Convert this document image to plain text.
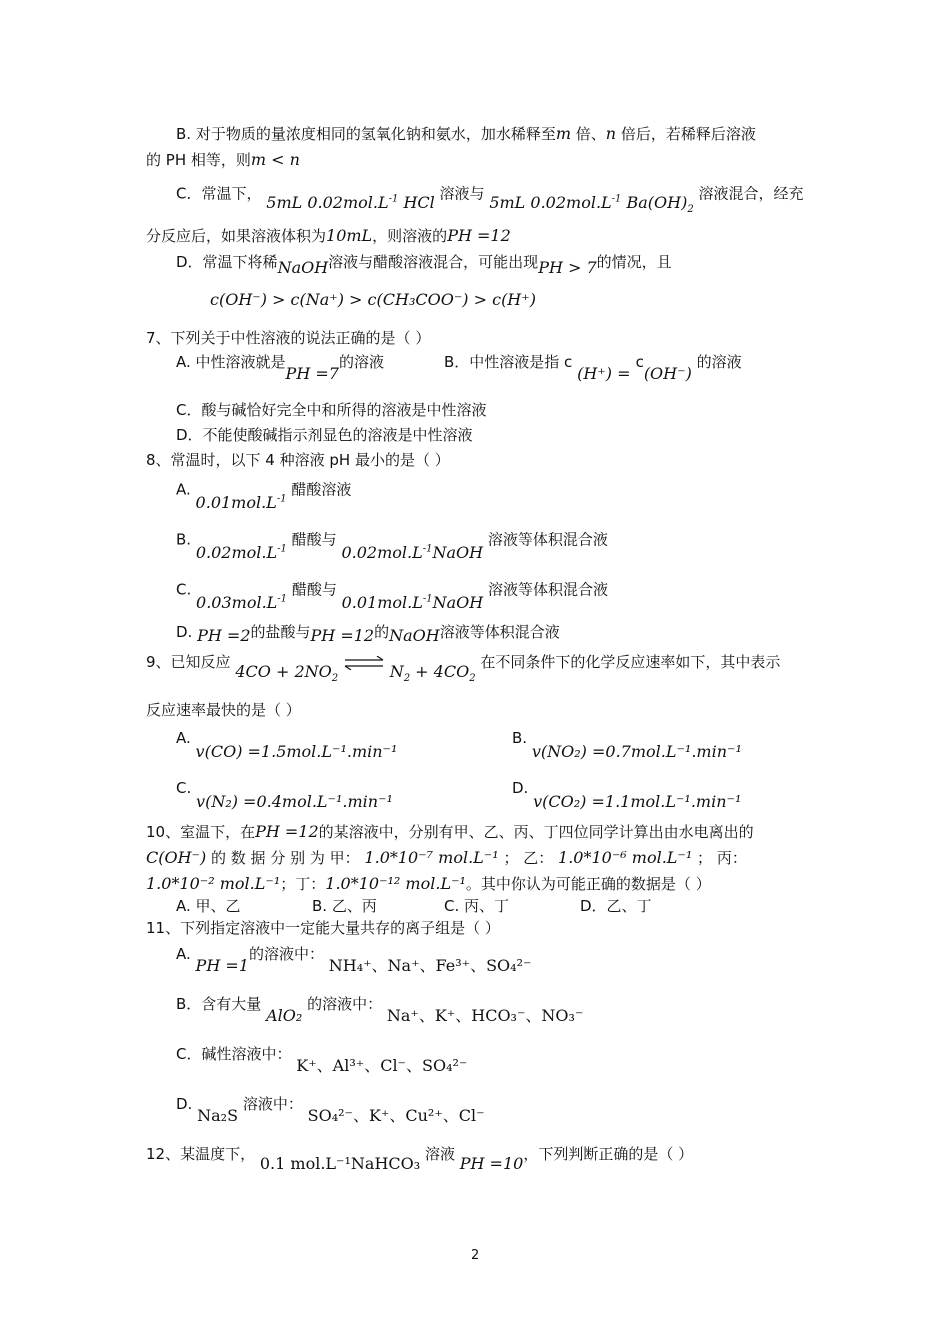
B. 对于物质的量浓度相同的氢氧化钠和氨水，加水稀释至m 倍、n 倍后，若稀释后溶液
的 PH 相等，则m < n
C．常温下， 5mL $0.02mol.L^{-1}$ HCl 溶液与 5mL $0.02mol.L^{-1}$ $Ba(OH)_2$ 溶液混合，经充
分反应后，如果溶液体积为10mL，则溶液的PH =12
D．常温下将稀NaOH溶液与醋酸溶液混合，可能出现PH > 7的情况，且
c(OH⁻) > c(Na⁺) > c(CH₃COO⁻) > c(H⁺)
7、下列关于中性溶液的说法正确的是（ ）
A. 中性溶液就是PH =7的溶液	B．中性溶液是指 c (H⁺) = c(OH⁻) 的溶液
C．酸与碱恰好完全中和所得的溶液是中性溶液
D．不能使酸碱指示剂显色的溶液是中性溶液
8、常温时，以下 4 种溶液 pH 最小的是（ ）
A. $0.01mol.L^{-1}$ 醋酸溶液
B. $0.02mol.L^{-1}$ 醋酸与 $0.02mol.L^{-1}NaOH$ 溶液等体积混合液
C. $0.03mol.L^{-1}$ 醋酸与 $0.01mol.L^{-1}NaOH$ 溶液等体积混合液
D. PH =2的盐酸与PH =12的NaOH溶液等体积混合液
9、已知反应 $4CO + 2NO_2$ ⇌ $N_2 + 4CO_2$ 在不同条件下的化学反应速率如下，其中表示
反应速率最快的是（ ）
A. v(CO) =1.5mol.L⁻¹.min⁻¹
B. v(NO₂) =0.7mol.L⁻¹.min⁻¹
C. v(N₂) =0.4mol.L⁻¹.min⁻¹
D. v(CO₂) =1.1mol.L⁻¹.min⁻¹
10、室温下，在PH =12的某溶液中，分别有甲、乙、丙、丁四位同学计算出由水电离出的
C(OH⁻) 的 数 据 分 别 为 甲： 1.0*10⁻⁷ mol.L⁻¹ ； 乙： 1.0*10⁻⁶ mol.L⁻¹ ； 丙：
1.0*10⁻² mol.L⁻¹；丁：1.0*10⁻¹² mol.L⁻¹。其中你认为可能正确的数据是（ ）
A. 甲、乙	B. 乙、丙	C. 丙、丁	D．乙、丁
11、下列指定溶液中一定能大量共存的离子组是（ ）
A. PH =1的溶液中： NH₄⁺、Na⁺、Fe³⁺、SO₄²⁻
B．含有大量 AlO₂ 的溶液中： Na⁺、K⁺、HCO₃⁻、NO₃⁻
C．碱性溶液中： K⁺、Al³⁺、Cl⁻、SO₄²⁻
D. Na₂S 溶液中： SO₄²⁻、K⁺、Cu²⁺、Cl⁻
12、某温度下， 0.1 mol.L⁻¹NaHCO₃ 溶液 PH =10，下列判断正确的是（ ）
2
